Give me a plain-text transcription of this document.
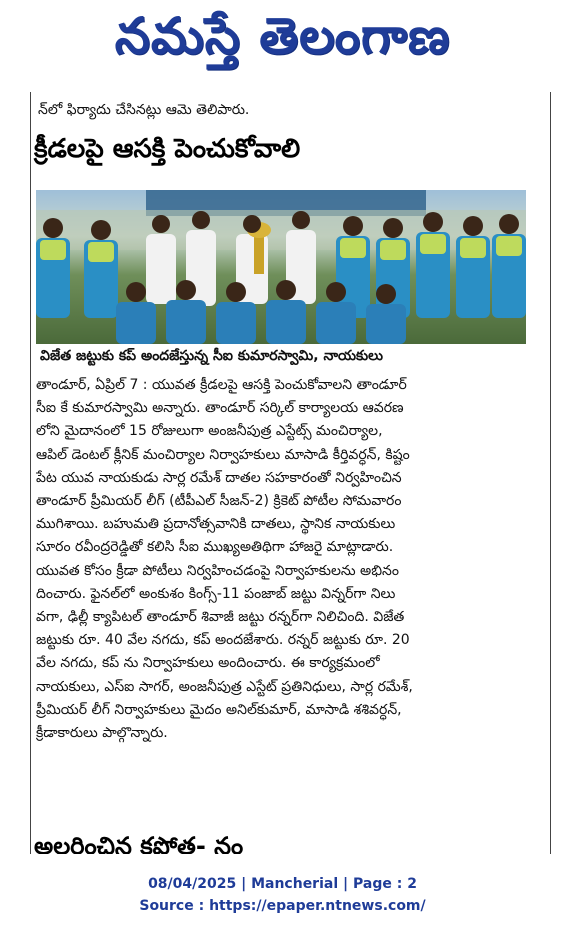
నమస్తే తెలంగాణ
న్‌లో ఫిర్యాదు చేసినట్లు ఆమె తెలిపారు.
క్రీడలపై ఆసక్తి పెంచుకోవాలి
విజేత జట్టుకు కప్ అందజేస్తున్న సీఐ కుమారస్వామి, నాయకులు
తాండూర్, ఏప్రిల్ 7 : యువత క్రీడలపై ఆసక్తి పెంచుకోవాలని తాండూర్
సీఐ కే కుమారస్వామి అన్నారు. తాండూర్ సర్కిల్ కార్యాలయ ఆవరణ
లోని మైదానంలో 15 రోజులుగా అంజనీపుత్ర ఎస్టేట్స్ మంచిర్యాల,
ఆపిల్ డెంటల్ క్లీనిక్ మంచిర్యాల నిర్వాహకులు మాసాడి కీర్తివర్ధన్, కిష్టం
పేట యువ నాయకుడు సార్ల రమేశ్ దాతల సహకారంతో నిర్వహించిన
తాండూర్ ప్రీమియర్ లీగ్ (టీపీఎల్ సీజన్-2) క్రికెట్ పోటీల సోమవారం
ముగిశాయి. బహుమతి ప్రదానోత్సవానికి దాతలు, స్థానిక నాయకులు
సూరం రవీంద్రరెడ్డితో కలిసి సీఐ ముఖ్యఅతిథిగా హాజరై మాట్లాడారు.
యువత కోసం క్రీడా పోటీలు నిర్వహించడంపై నిర్వాహకులను అభినం
దించారు. ఫైనల్‌లో అంకుశం కింగ్స్-11 పంజాబ్ జట్టు విన్నర్‌గా నిలు
వగా, ఢిల్లీ క్యాపిటల్ తాండూర్ శివాజీ జట్టు రన్నర్‌గా నిలిచింది. విజేత
జట్టుకు రూ. 40 వేల నగదు, కప్ అందజేశారు. రన్నర్ జట్టుకు రూ. 20
వేల నగదు, కప్ ను నిర్వాహకులు అందించారు. ఈ కార్యక్రమంలో
నాయకులు, ఎస్ఐ సాగర్, అంజనీపుత్ర ఎస్టేట్ ప్రతినిధులు, సార్ల రమేశ్,
ప్రీమియర్ లీగ్ నిర్వాహకులు మైదం అనిల్‌కుమార్, మాసాడి శశివర్ధన్,
క్రీడాకారులు పాల్గొన్నారు.
అలరించిన కపోత- నం
08/04/2025 | Mancherial | Page : 2
Source : https://epaper.ntnews.com/
